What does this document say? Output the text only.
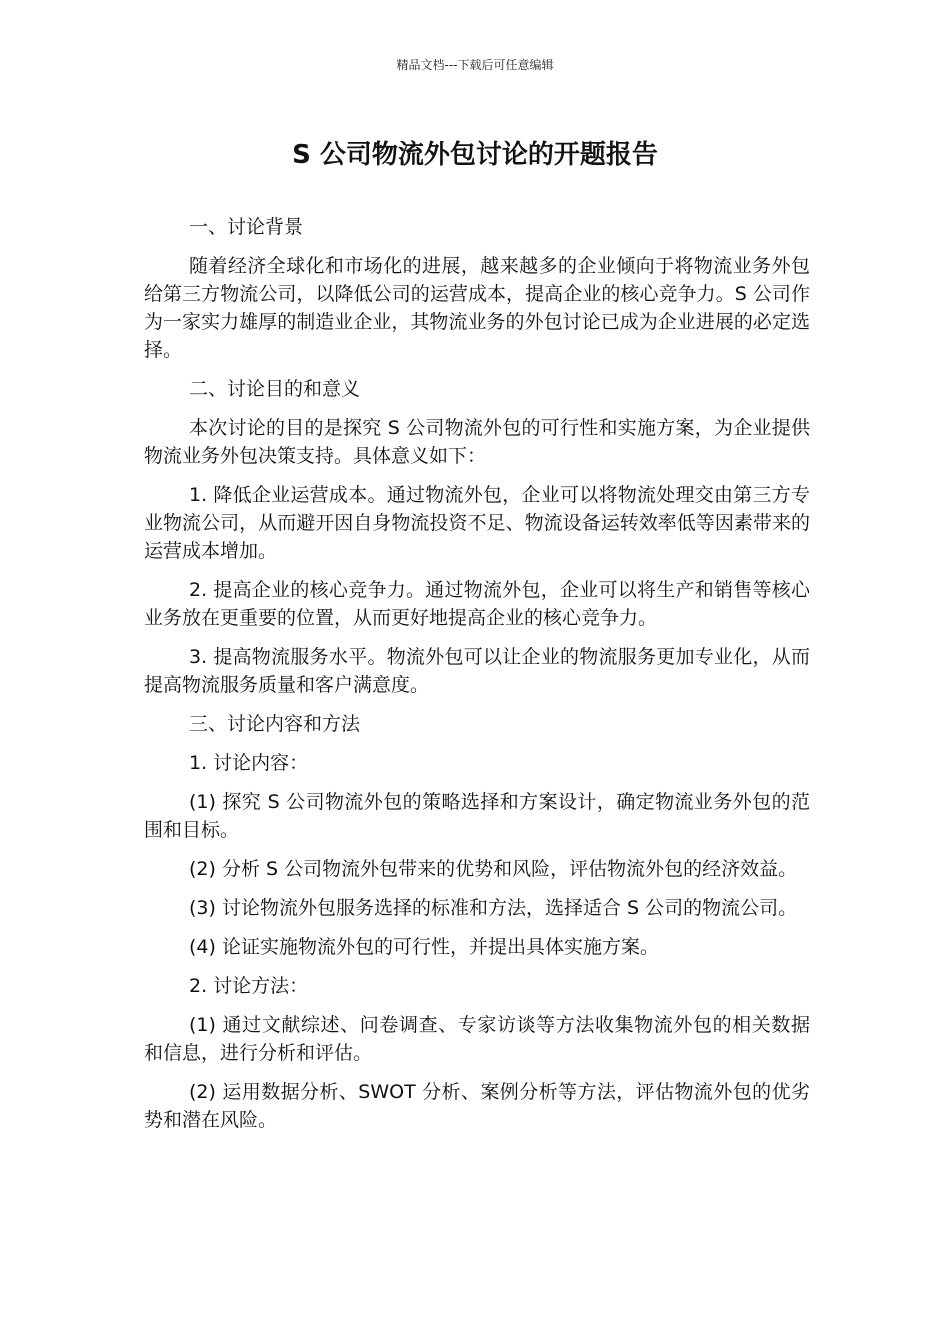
精品文档---下载后可任意编辑
S 公司物流外包讨论的开题报告

一、讨论背景

随着经济全球化和市场化的进展，越来越多的企业倾向于将物流业务外包给第三方物流公司，以降低公司的运营成本，提高企业的核心竞争力。S 公司作为一家实力雄厚的制造业企业，其物流业务的外包讨论已成为企业进展的必定选择。

二、讨论目的和意义

本次讨论的目的是探究 S 公司物流外包的可行性和实施方案，为企业提供物流业务外包决策支持。具体意义如下：

1. 降低企业运营成本。通过物流外包，企业可以将物流处理交由第三方专业物流公司，从而避开因自身物流投资不足、物流设备运转效率低等因素带来的运营成本增加。

2. 提高企业的核心竞争力。通过物流外包，企业可以将生产和销售等核心业务放在更重要的位置，从而更好地提高企业的核心竞争力。

3. 提高物流服务水平。物流外包可以让企业的物流服务更加专业化，从而提高物流服务质量和客户满意度。

三、讨论内容和方法

1. 讨论内容：

(1) 探究 S 公司物流外包的策略选择和方案设计，确定物流业务外包的范围和目标。

(2) 分析 S 公司物流外包带来的优势和风险，评估物流外包的经济效益。

(3) 讨论物流外包服务选择的标准和方法，选择适合 S 公司的物流公司。

(4) 论证实施物流外包的可行性，并提出具体实施方案。

2. 讨论方法：

(1) 通过文献综述、问卷调查、专家访谈等方法收集物流外包的相关数据和信息，进行分析和评估。

(2) 运用数据分析、SWOT 分析、案例分析等方法，评估物流外包的优劣势和潜在风险。
